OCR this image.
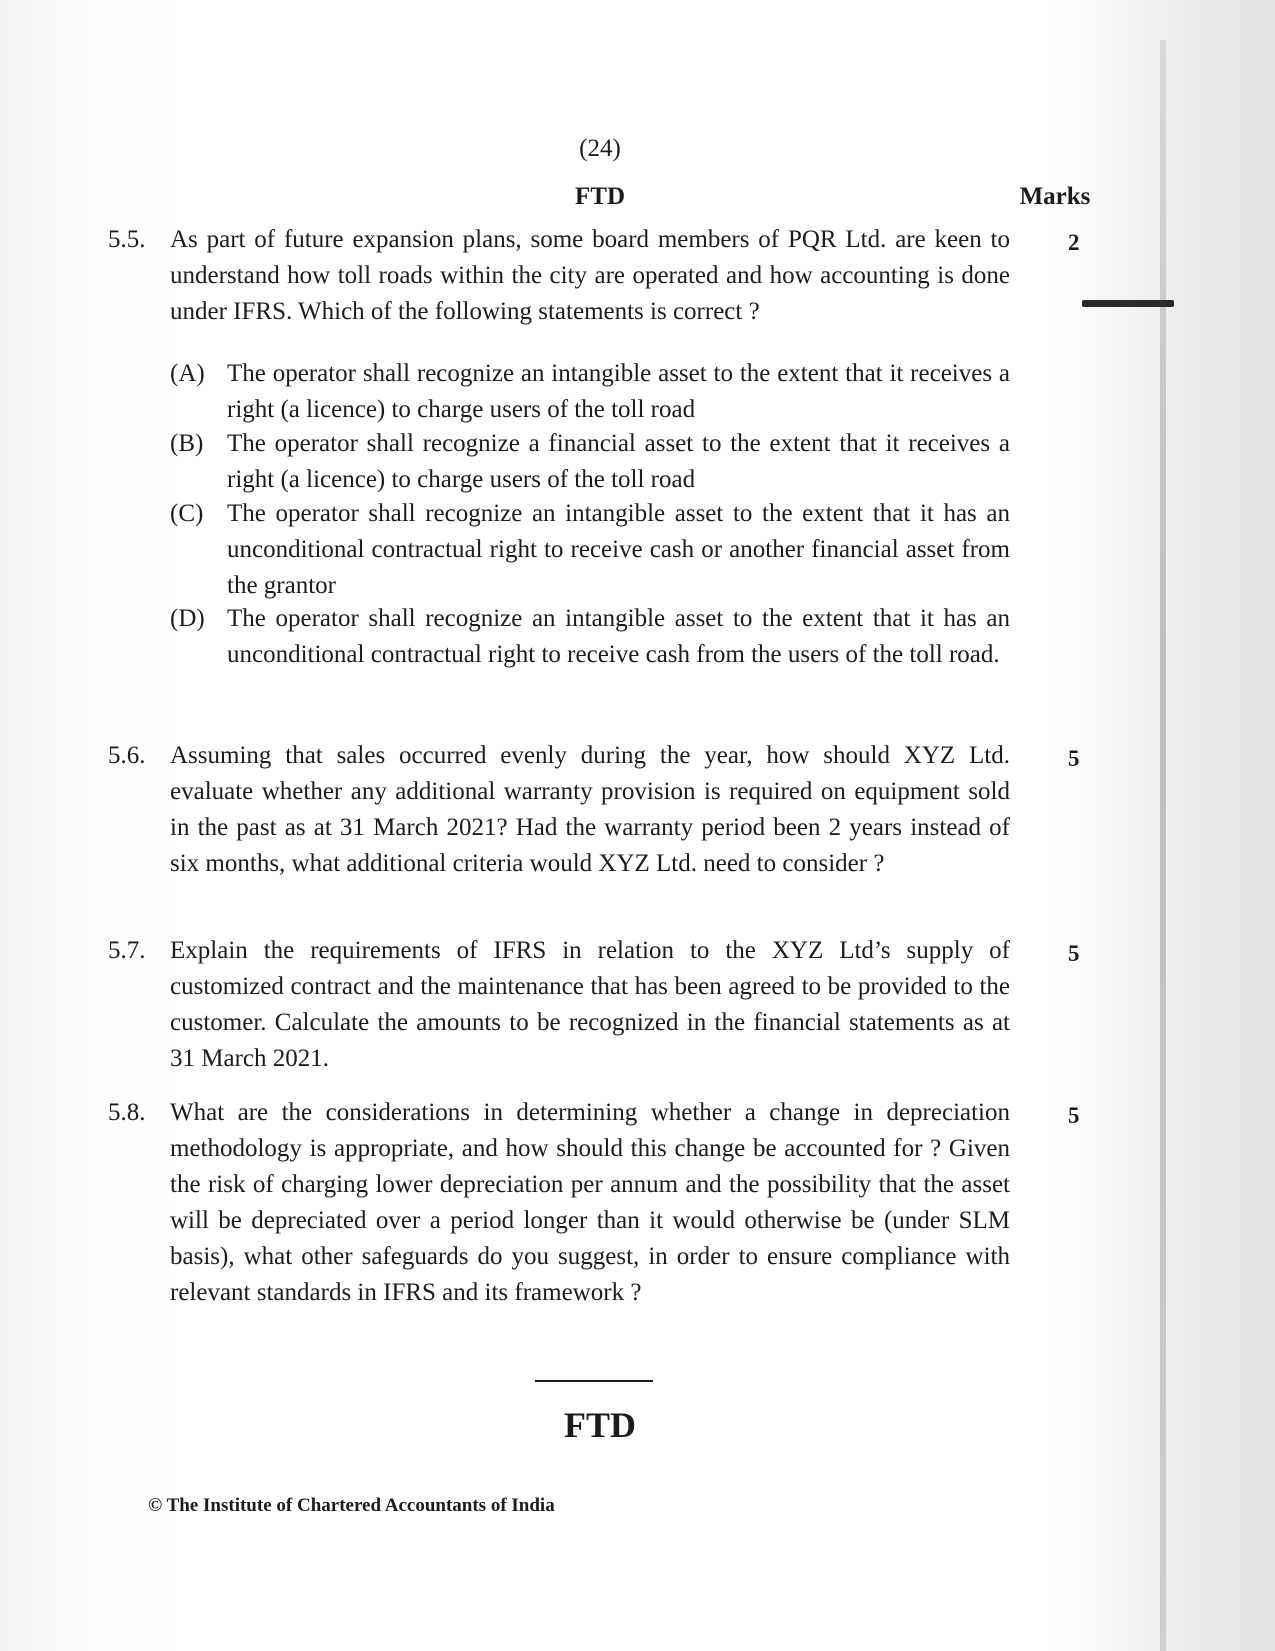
(24)
FTD	Marks
5.5. As part of future expansion plans, some board members of PQR Ltd. are keen to understand how toll roads within the city are operated and how accounting is done under IFRS. Which of the following statements is correct ?
2
(A) The operator shall recognize an intangible asset to the extent that it receives a right (a licence) to charge users of the toll road
(B) The operator shall recognize a financial asset to the extent that it receives a right (a licence) to charge users of the toll road
(C) The operator shall recognize an intangible asset to the extent that it has an unconditional contractual right to receive cash or another financial asset from the grantor
(D) The operator shall recognize an intangible asset to the extent that it has an unconditional contractual right to receive cash from the users of the toll road.
5.6. Assuming that sales occurred evenly during the year, how should XYZ Ltd. evaluate whether any additional warranty provision is required on equipment sold in the past as at 31 March 2021? Had the warranty period been 2 years instead of six months, what additional criteria would XYZ Ltd. need to consider ?
5
5.7. Explain the requirements of IFRS in relation to the XYZ Ltd’s supply of customized contract and the maintenance that has been agreed to be provided to the customer. Calculate the amounts to be recognized in the financial statements as at 31 March 2021.
5
5.8. What are the considerations in determining whether a change in depreciation methodology is appropriate, and how should this change be accounted for ? Given the risk of charging lower depreciation per annum and the possibility that the asset will be depreciated over a period longer than it would otherwise be (under SLM basis), what other safeguards do you suggest, in order to ensure compliance with relevant standards in IFRS and its framework ?
5
FTD
© The Institute of Chartered Accountants of India
